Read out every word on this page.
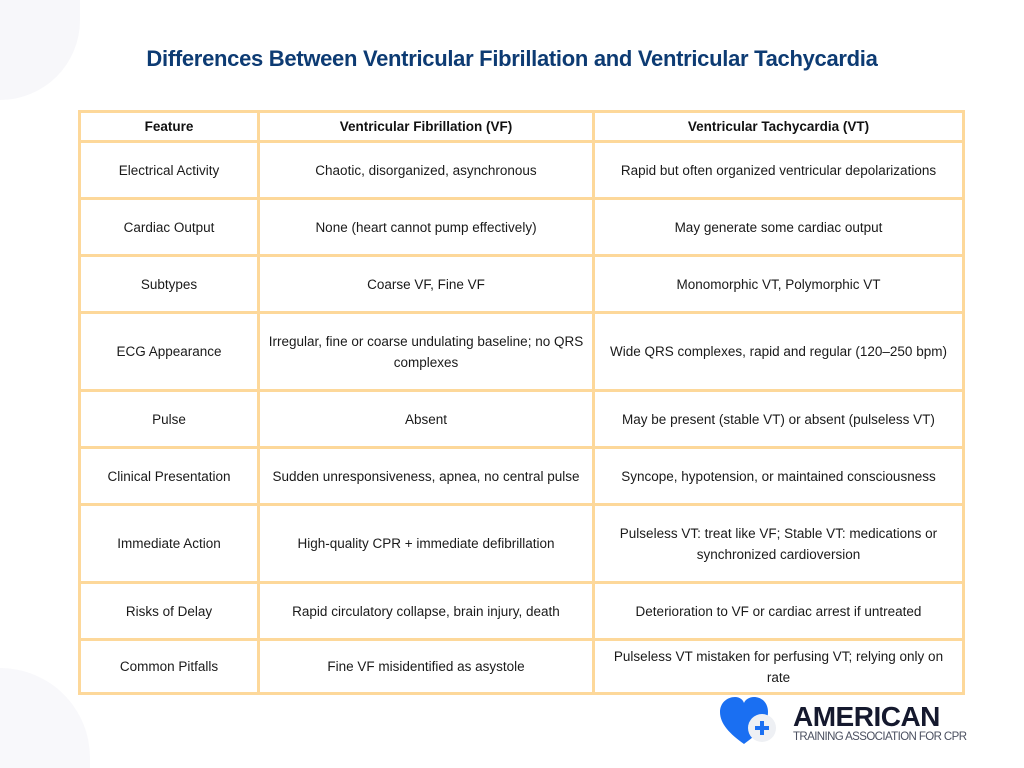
Differences Between Ventricular Fibrillation and Ventricular Tachycardia
Feature	Ventricular Fibrillation (VF)	Ventricular Tachycardia (VT)
Electrical Activity	Chaotic, disorganized, asynchronous	Rapid but often organized ventricular depolarizations
Cardiac Output	None (heart cannot pump effectively)	May generate some cardiac output
Subtypes	Coarse VF, Fine VF	Monomorphic VT, Polymorphic VT
ECG Appearance	Irregular, fine or coarse undulating baseline; no QRS complexes	Wide QRS complexes, rapid and regular (120–250 bpm)
Pulse	Absent	May be present (stable VT) or absent (pulseless VT)
Clinical Presentation	Sudden unresponsiveness, apnea, no central pulse	Syncope, hypotension, or maintained consciousness
Immediate Action	High-quality CPR + immediate defibrillation	Pulseless VT: treat like VF; Stable VT: medications or synchronized cardioversion
Risks of Delay	Rapid circulatory collapse, brain injury, death	Deterioration to VF or cardiac arrest if untreated
Common Pitfalls	Fine VF misidentified as asystole	Pulseless VT mistaken for perfusing VT; relying only on rate
AMERICAN
TRAINING ASSOCIATION FOR CPR
